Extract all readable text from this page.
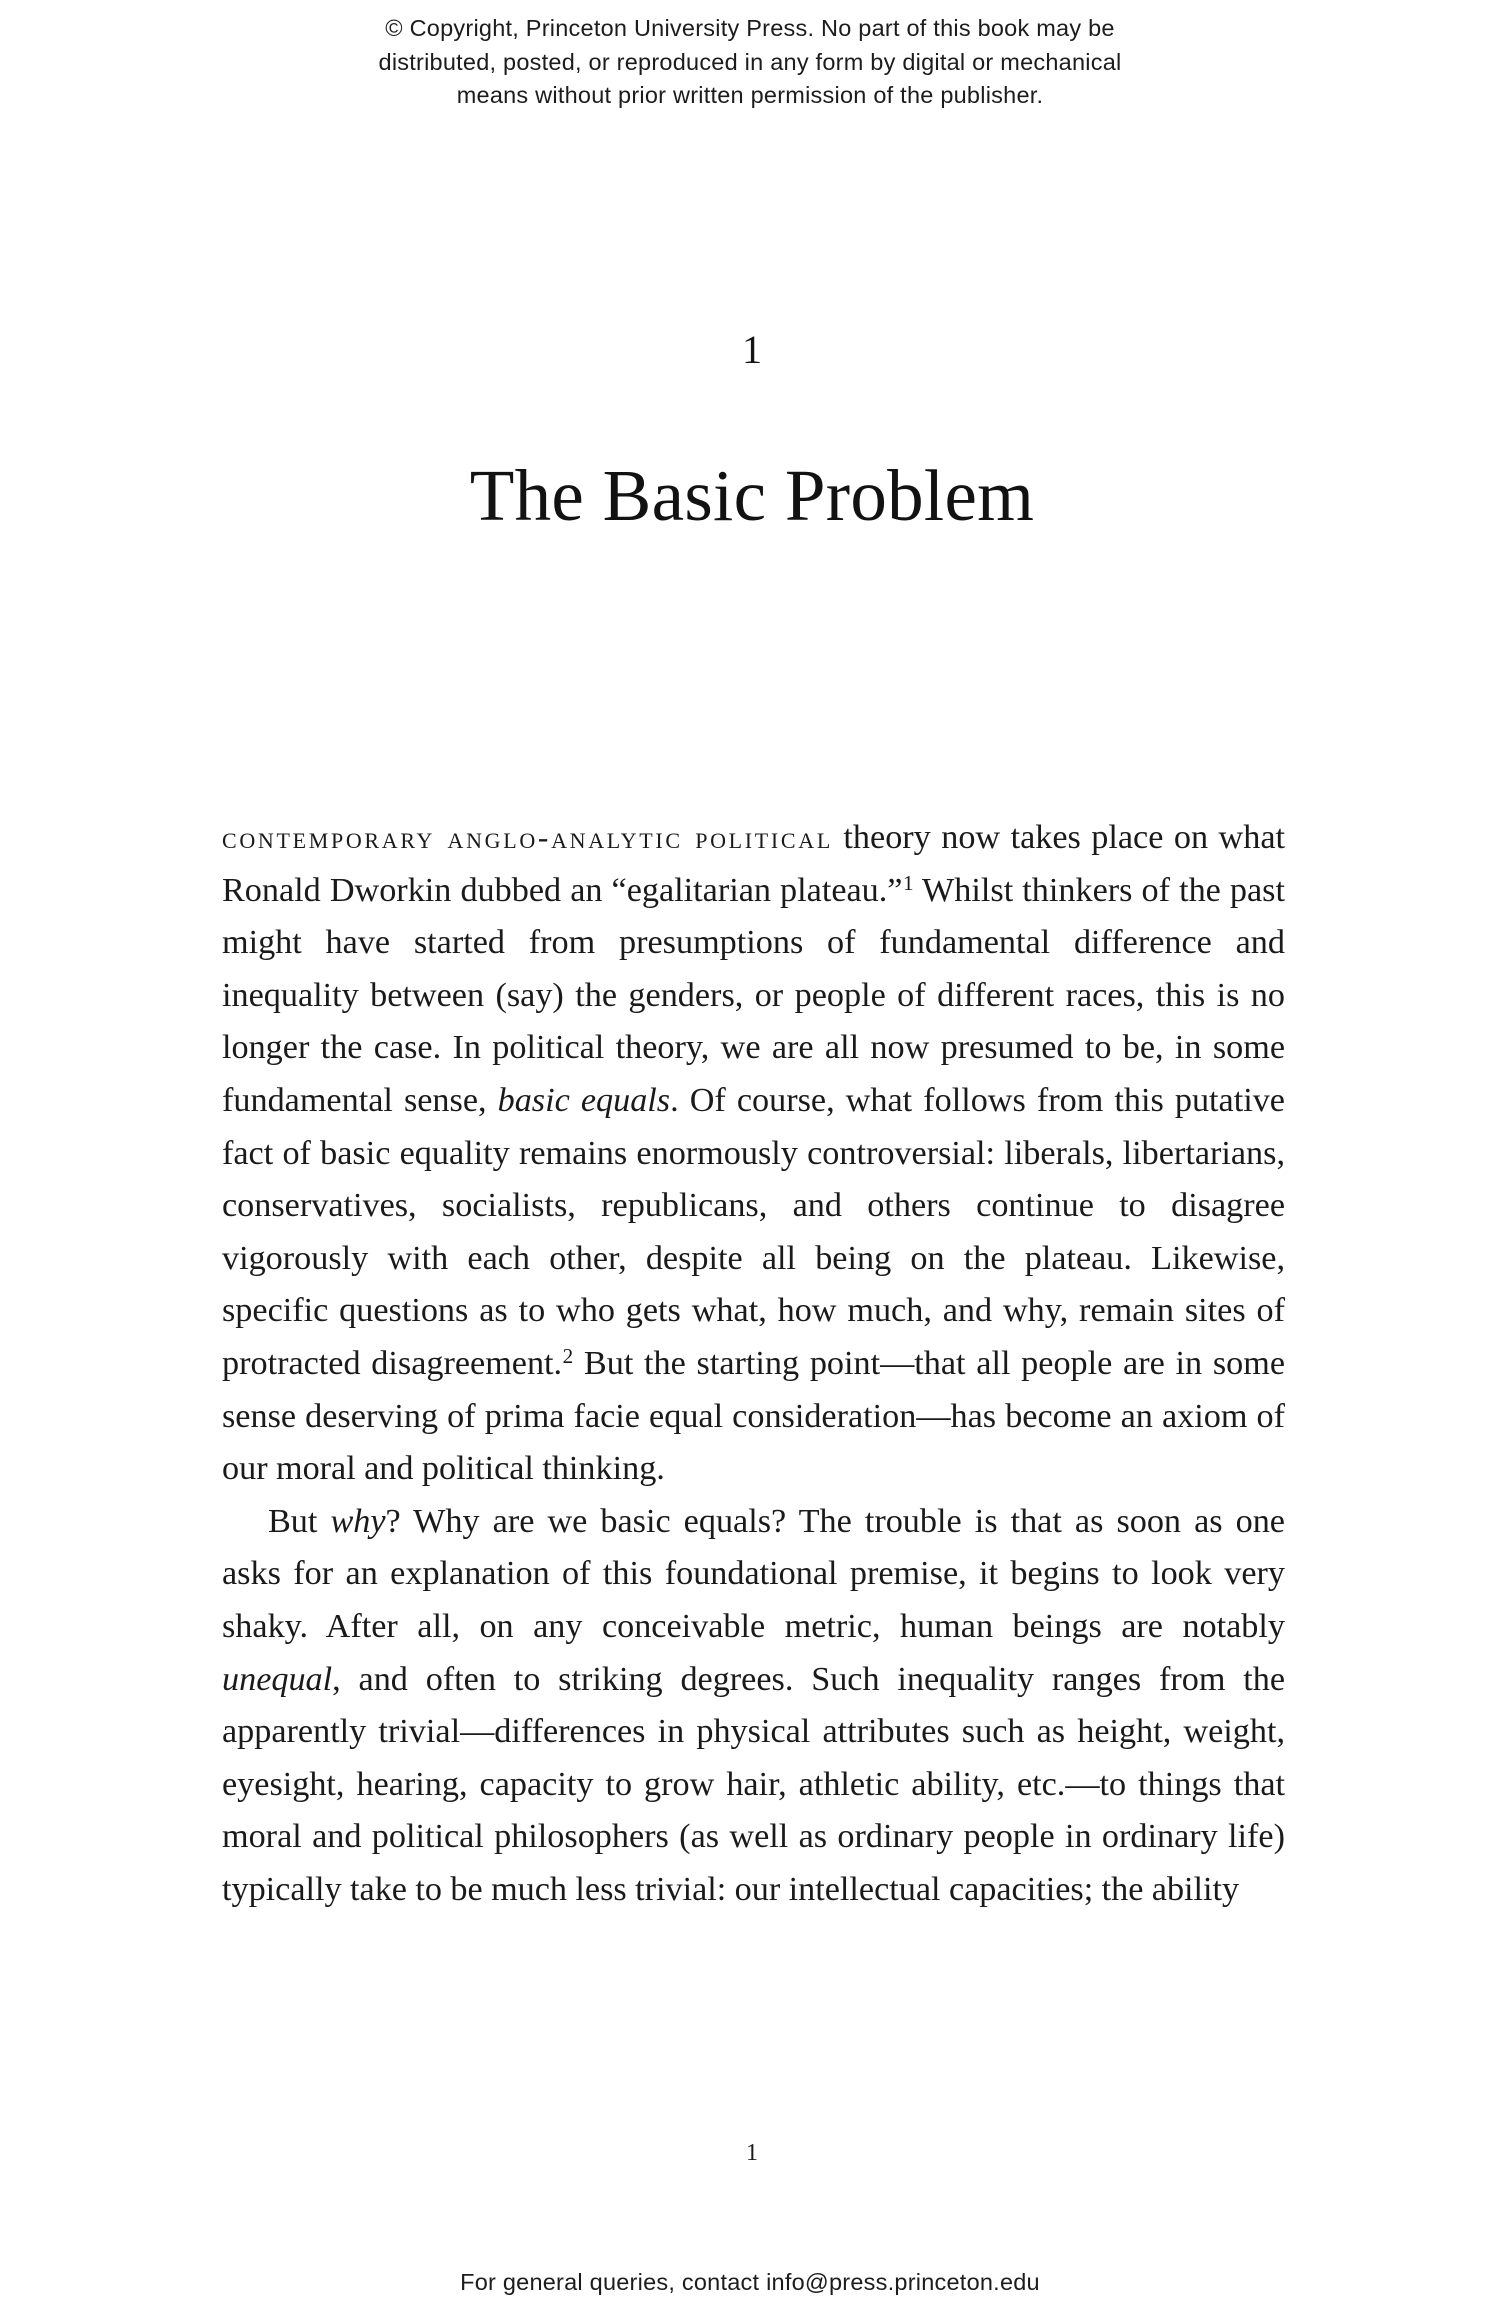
© Copyright, Princeton University Press. No part of this book may be
distributed, posted, or reproduced in any form by digital or mechanical
means without prior written permission of the publisher.
1
The Basic Problem

contemporary anglo-analytic political theory now takes place on what Ronald Dworkin dubbed an “egalitarian plateau.”$^1$ Whilst thinkers of the past might have started from presumptions of fundamental difference and inequality between (say) the genders, or people of different races, this is no longer the case. In political theory, we are all now presumed to be, in some fundamental sense, basic equals. Of course, what follows from this putative fact of basic equality remains enormously controversial: liberals, libertarians, conservatives, socialists, republicans, and others continue to disagree vigorously with each other, despite all being on the plateau. Likewise, specific questions as to who gets what, how much, and why, remain sites of protracted disagreement.$^2$ But the starting point—that all people are in some sense deserving of prima facie equal consideration—has become an axiom of our moral and political thinking.

But why? Why are we basic equals? The trouble is that as soon as one asks for an explanation of this foundational premise, it begins to look very shaky. After all, on any conceivable metric, human beings are notably unequal, and often to striking degrees. Such inequality ranges from the apparently trivial—differences in physical attributes such as height, weight, eyesight, hearing, capacity to grow hair, athletic ability, etc.—to things that moral and political philosophers (as well as ordinary people in ordinary life) typically take to be much less trivial: our intellectual capacities; the ability

1
For general queries, contact info@press.princeton.edu
